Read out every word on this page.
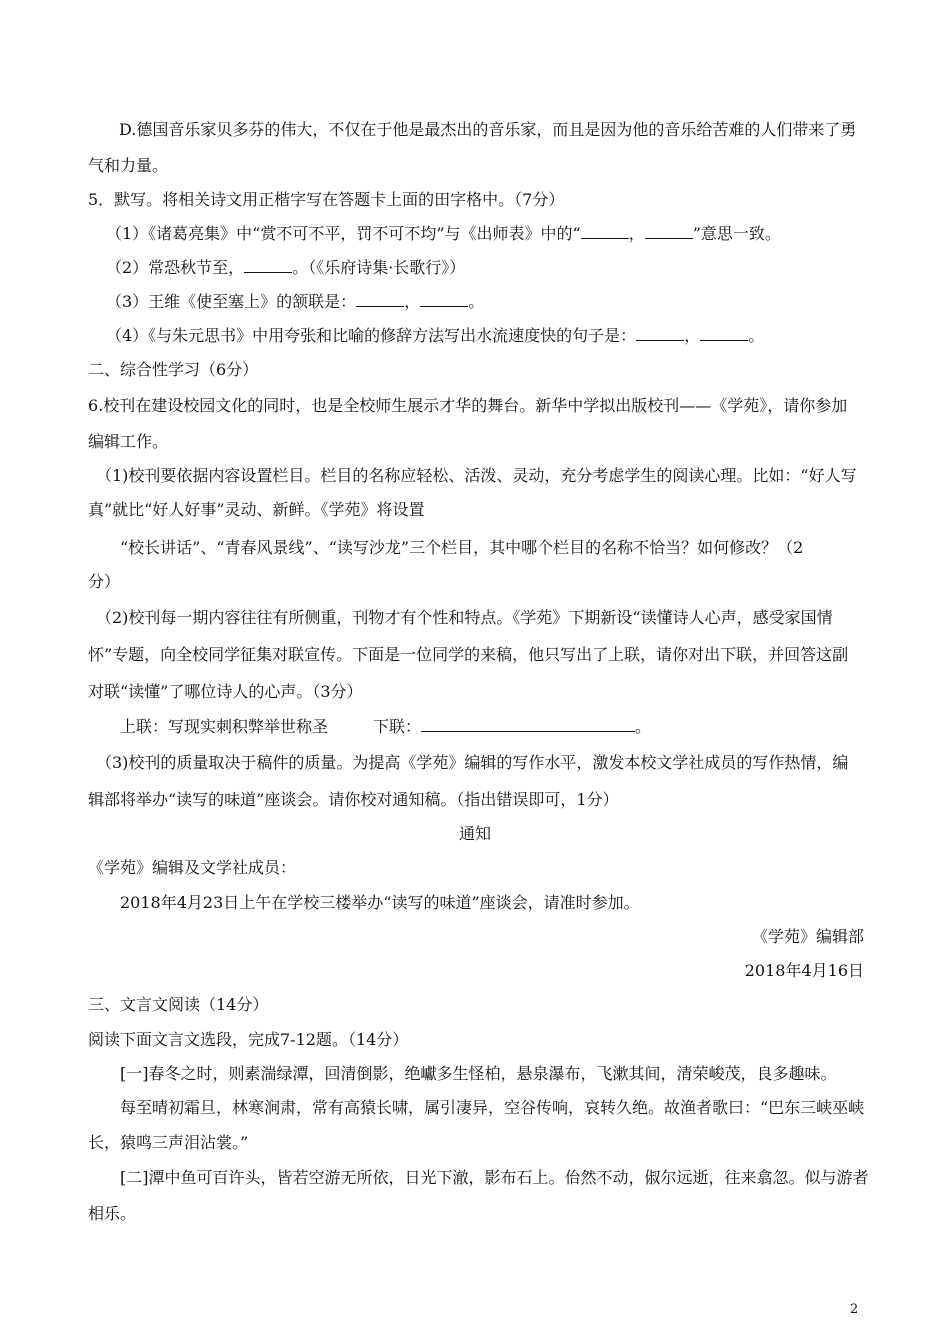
D.德国音乐家贝多芬的伟大，不仅在于他是最杰出的音乐家，而且是因为他的音乐给苦难的人们带来了勇
气和力量。
5．默写。将相关诗文用正楷字写在答题卡上面的田字格中。（7分）
（1）《诸葛亮集》中“赏不可不平，罚不可不均”与《出师表》中的“	，	”意思一致。
（2）常恐秋节至，	。（《乐府诗集·长歌行》）
（3）王维《使至塞上》的颔联是：	，	。
（4）《与朱元思书》中用夸张和比喻的修辞方法写出水流速度快的句子是：	，	。
二、综合性学习（6分）
6.校刊在建设校园文化的同时，也是全校师生展示才华的舞台。新华中学拟出版校刊——《学苑》，请你参加
编辑工作。
（1)校刊要依据内容设置栏目。栏目的名称应轻松、活泼、灵动，充分考虑学生的阅读心理。比如：“好人写
真”就比“好人好事”灵动、新鲜。《学苑》将设置
“校长讲话”、“青春风景线”、“读写沙龙”三个栏目，其中哪个栏目的名称不恰当？如何修改？（2
分）
（2)校刊每一期内容往往有所侧重，刊物才有个性和特点。《学苑》下期新设“读懂诗人心声，感受家国情
怀”专题，向全校同学征集对联宣传。下面是一位同学的来稿，他只写出了上联，请你对出下联，并回答这副
对联“读懂”了哪位诗人的心声。（3分）
上联：写现实刺积弊举世称圣	下联：	。
（3)校刊的质量取决于稿件的质量。为提高《学苑》编辑的写作水平，激发本校文学社成员的写作热情，编
辑部将举办“读写的味道”座谈会。请你校对通知稿。（指出错误即可，1分）
通知
《学苑》编辑及文学社成员：
2018年4月23日上午在学校三楼举办“读写的味道”座谈会，请准时参加。
《学苑》编辑部
2018年4月16日
三、文言文阅读（14分）
阅读下面文言文选段，完成7-12题。（14分）
[一]春冬之时，则素湍绿潭，回清倒影，绝巘多生怪柏，悬泉瀑布，飞漱其间，清荣峻茂，良多趣味。
每至晴初霜旦，林寒涧肃，常有高猿长啸，属引凄异，空谷传响，哀转久绝。故渔者歌曰：“巴东三峡巫峡
长，猿鸣三声泪沾裳。”
[二]潭中鱼可百许头，皆若空游无所依，日光下澈，影布石上。佁然不动，俶尔远逝，往来翕忽。似与游者
相乐。
2
